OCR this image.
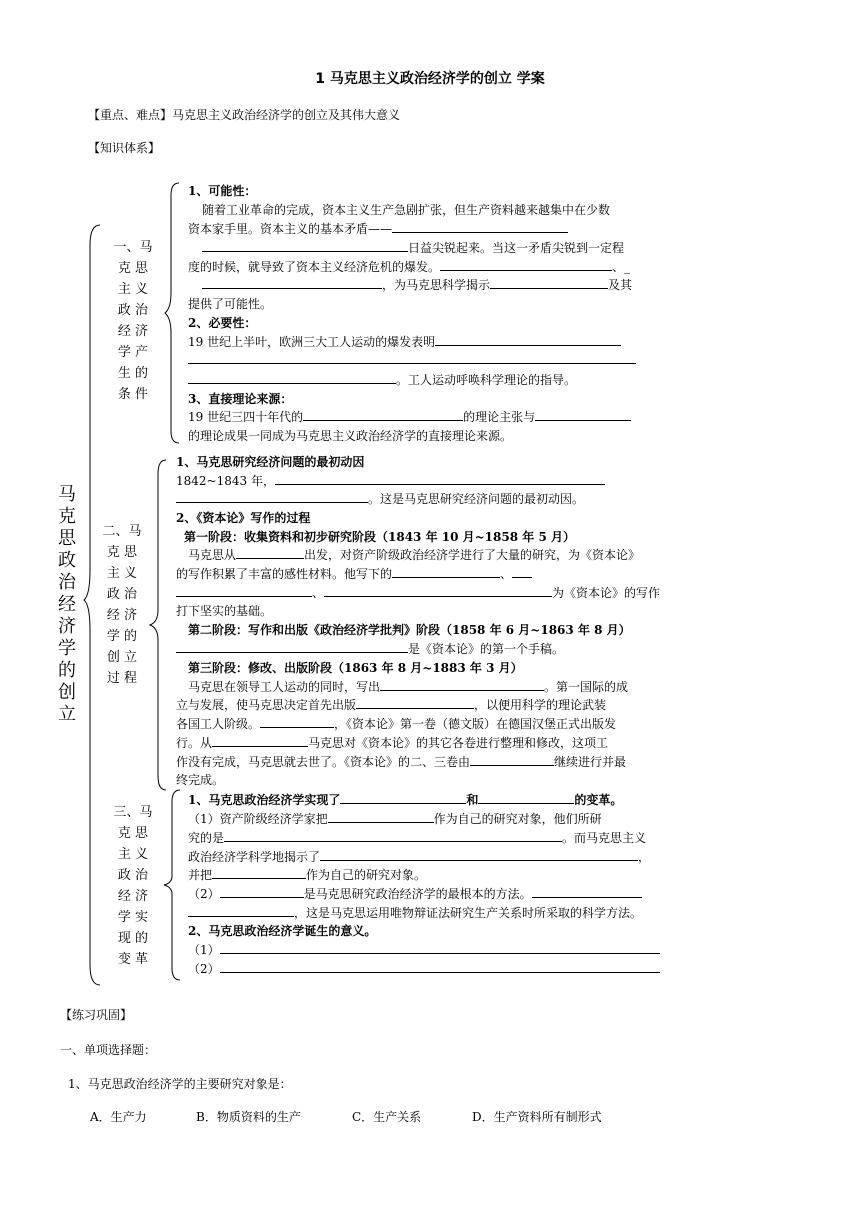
1 马克思主义政治经济学的创立 学案
【重点、难点】马克思主义政治经济学的创立及其伟大意义
【知识体系】
马克思政治经济学的创立
一、马
克 思
主 义
政 治
经 济
学 产
生 的
条 件
1、可能性：
随着工业革命的完成，资本主义生产急剧扩张，但生产资料越来越集中在少数
资本家手里。资本主义的基本矛盾——
日益尖锐起来。当这一矛盾尖锐到一定程
度的时候，就导致了资本主义经济危机的爆发。	、_
，为马克思科学揭示	及其
提供了可能性。
2、必要性：
19 世纪上半叶，欧洲三大工人运动的爆发表明
。工人运动呼唤科学理论的指导。
3、直接理论来源：
19 世纪三四十年代的	的理论主张与
的理论成果一同成为马克思主义政治经济学的直接理论来源。
二、马
克 思
主 义
政 治
经 济
学 的
创 立
过 程
1、马克思研究经济问题的最初动因
1842~1843 年，
。这是马克思研究经济问题的最初动因。
2、《资本论》写作的过程
第一阶段：收集资料和初步研究阶段（1843 年 10 月~1858 年 5 月）
马克思从	出发，对资产阶级政治经济学进行了大量的研究，为《资本论》
的写作积累了丰富的感性材料。他写下的	、
、	为《资本论》的写作
打下坚实的基础。
第二阶段：写作和出版《政治经济学批判》阶段（1858 年 6 月~1863 年 8 月）
是《资本论》的第一个手稿。
第三阶段：修改、出版阶段（1863 年 8 月~1883 年 3 月）
马克思在领导工人运动的同时，写出	。第一国际的成
立与发展，使马克思决定首先出版	，以便用科学的理论武装
各国工人阶级。	，《资本论》第一卷（德文版）在德国汉堡正式出版发
行。从	马克思对《资本论》的其它各卷进行整理和修改，这项工
作没有完成，马克思就去世了。《资本论》的二、三卷由	继续进行并最
终完成。
三、马
克 思
主 义
政 治
经 济
学 实
现 的
变 革
1、马克思政治经济学实现了	和	的变革。
（1）资产阶级经济学家把	作为自己的研究对象，他们所研
究的是	。而马克思主义
政治经济学科学地揭示了	，
并把	作为自己的研究对象。
（2）	是马克思研究政治经济学的最根本的方法。
，这是马克思运用唯物辩证法研究生产关系时所采取的科学方法。
2、马克思政治经济学诞生的意义。
（1）
（2）
【练习巩固】
一、单项选择题：
1、马克思政治经济学的主要研究对象是：
A．生产力	B．物质资料的生产	C．生产关系	D．生产资料所有制形式
